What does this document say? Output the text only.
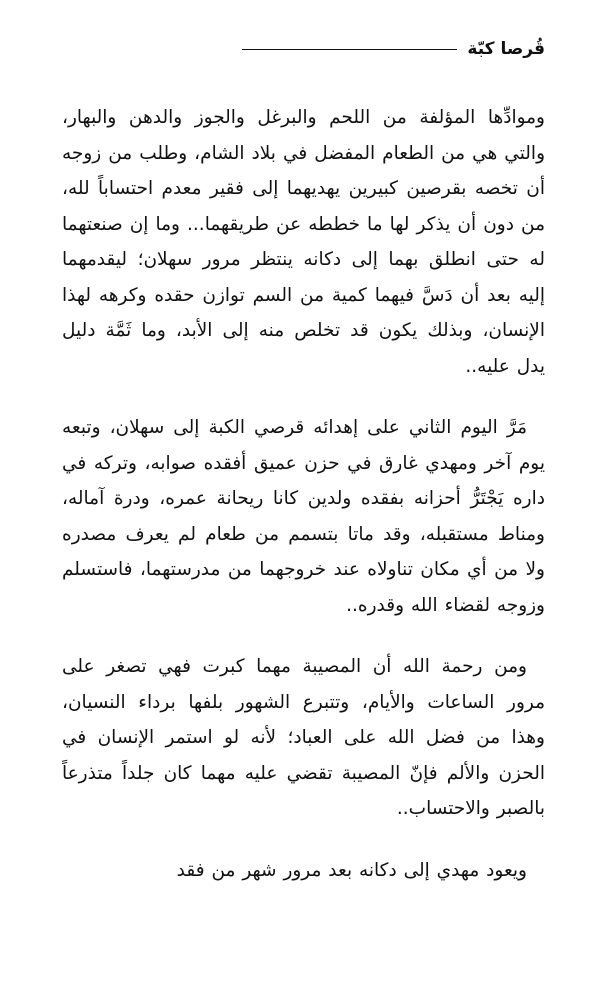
قُرصا كبّة

وموادِّها المؤلفة من اللحم والبرغل والجوز والدهن والبهار، والتي هي من الطعام المفضل في بلاد الشام، وطلب من زوجه أن تخصه بقرصين كبيرين يهديهما إلى فقير معدم احتساباً لله، من دون أن يذكر لها ما خططه عن طريقهما... وما إن صنعتهما له حتى انطلق بهما إلى دكانه ينتظر مرور سهلان؛ ليقدمهما إليه بعد أن دَسَّ فيهما كمية من السم توازن حقده وكرهه لهذا الإنسان، وبذلك يكون قد تخلص منه إلى الأبد، وما ثَمَّة دليل يدل عليه..

مَرَّ اليوم الثاني على إهدائه قرصي الكبة إلى سهلان، وتبعه يوم آخر ومهدي غارق في حزن عميق أفقده صوابه، وتركه في داره يَجْتَرُّ أحزانه بفقده ولدين كانا ريحانة عمره، ودرة آماله، ومناط مستقبله، وقد ماتا بتسمم من طعام لم يعرف مصدره ولا من أي مكان تناولاه عند خروجهما من مدرستهما، فاستسلم وزوجه لقضاء الله وقدره..

ومن رحمة الله أن المصيبة مهما كبرت فهي تصغر على مرور الساعات والأيام، وتتبرع الشهور بلفها برداء النسيان، وهذا من فضل الله على العباد؛ لأنه لو استمر الإنسان في الحزن والألم فإنّ المصيبة تقضي عليه مهما كان جلداً متذرعاً بالصبر والاحتساب..

ويعود مهدي إلى دكانه بعد مرور شهر من فقد
